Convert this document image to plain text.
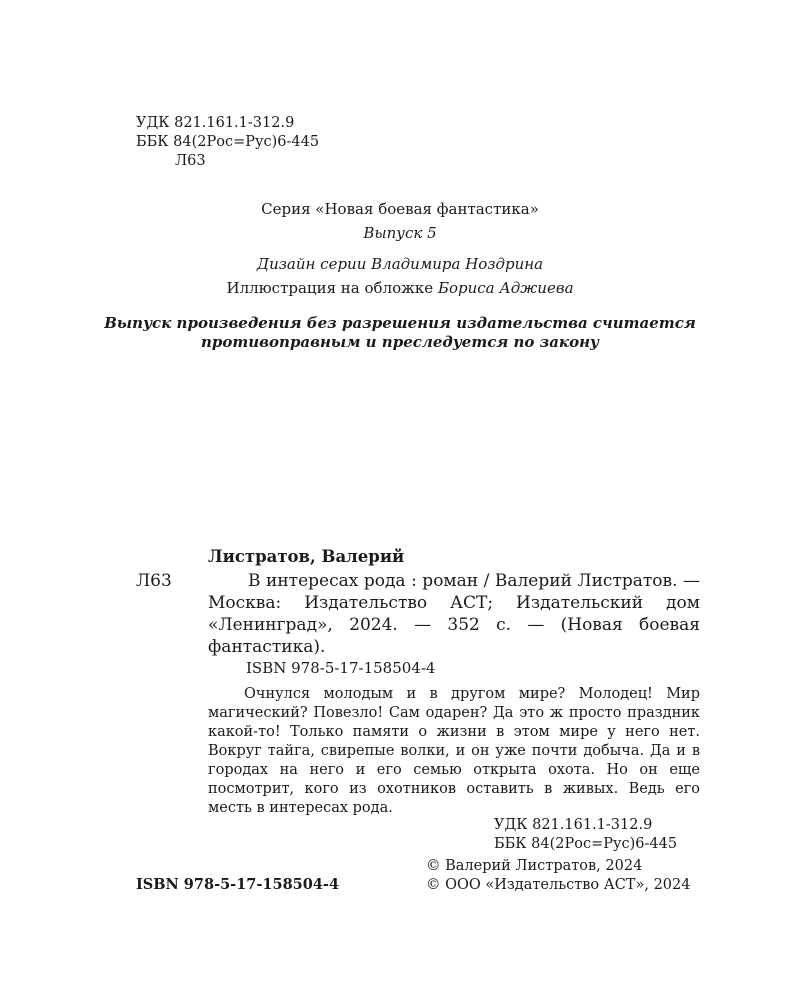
УДК 821.161.1-312.9
ББК 84(2Рос=Рус)6-445
Л63
Серия «Новая боевая фантастика»
Выпуск 5
Дизайн серии Владимира Ноздрина
Иллюстрация на обложке Бориса Аджиева
Выпуск произведения без разрешения издательства считается
противоправным и преследуется по закону
Листратов, Валерий
Л63	В интересах рода : роман / Валерий Листратов. — Москва: Издательство АСТ; Издательский дом «Ленинград», 2024. — 352 с. — (Новая боевая фантастика).
ISBN 978-5-17-158504-4
Очнулся молодым и в другом мире? Молодец! Мир магический? Повезло! Сам одарен? Да это ж просто праздник какой-то! Только памяти о жизни в этом мире у него нет. Вокруг тайга, свирепые волки, и он уже почти добыча. Да и в городах на него и его семью открыта охота. Но он еще посмотрит, кого из охотников оставить в живых. Ведь его месть в интересах рода.
УДК 821.161.1-312.9
ББК 84(2Рос=Рус)6-445
© Валерий Листратов, 2024
© ООО «Издательство АСТ», 2024
ISBN 978-5-17-158504-4
